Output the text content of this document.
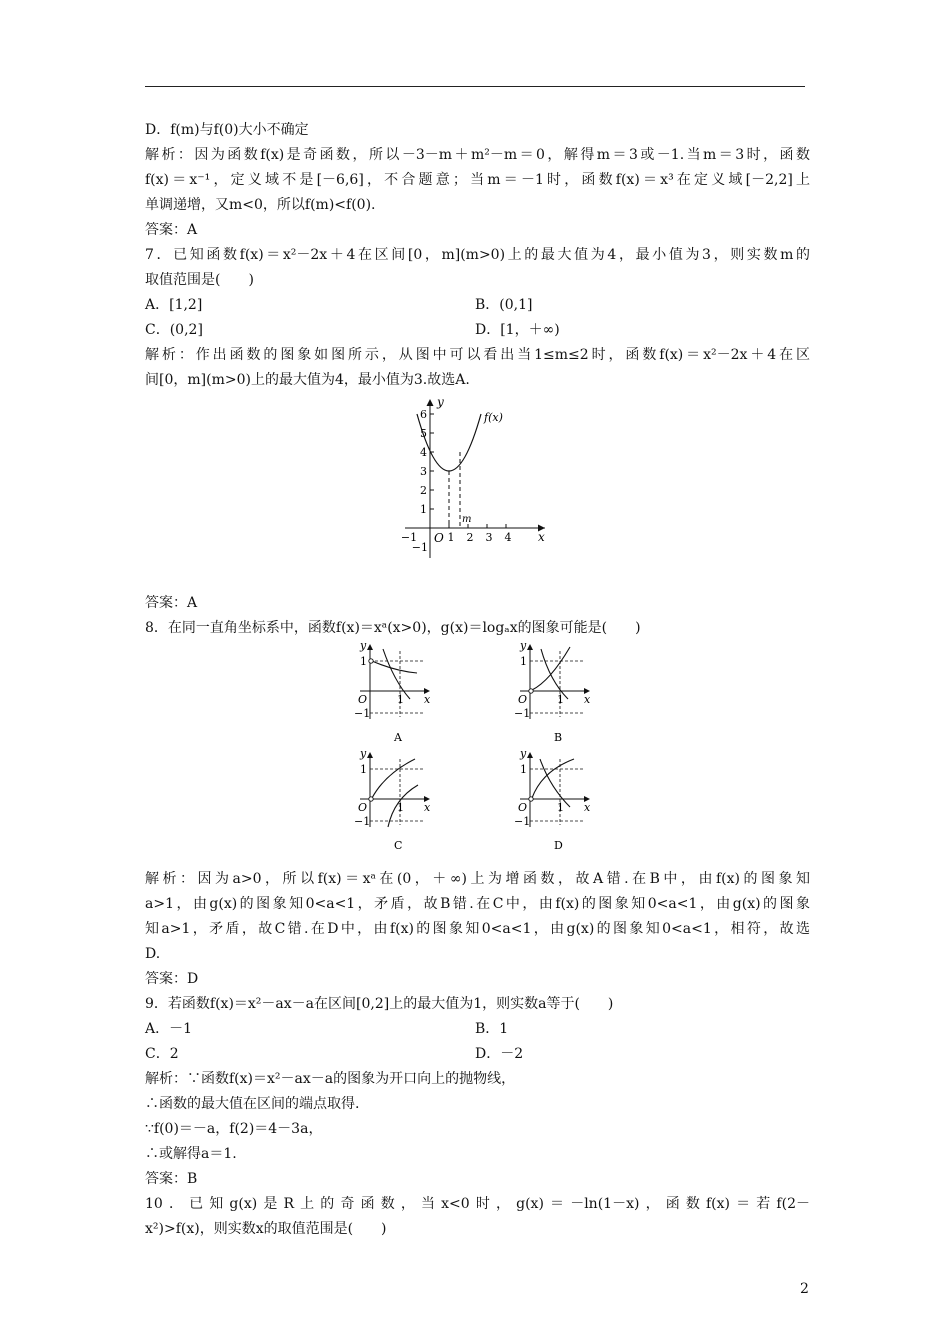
D．f(m)与f(0)大小不确定
解析：因为函数f(x)是奇函数，所以－3－m＋m²－m＝0，解得m＝3或－1.当m＝3时，函数
f(x)＝x⁻¹，定义域不是[－6,6]，不合题意；当m＝－1时，函数f(x)＝x³在定义域[－2,2]上
单调递增，又m<0，所以f(m)<f(0).
答案：A
7．已知函数f(x)＝x²－2x＋4在区间[0，m](m>0)上的最大值为4，最小值为3，则实数m的
取值范围是(　　)
A．[1,2]	B．(0,1]
C．(0,2]	D．[1，＋∞)
解析：作出函数的图象如图所示，从图中可以看出当1≤m≤2时，函数f(x)＝x²－2x＋4在区
间[0，m](m>0)上的最大值为4，最小值为3.故选A.
y
x
O
f(x)
m
1
2
3
4
5
6
−1
−1	1 2 3 4
答案：A
8．在同一直角坐标系中，函数f(x)＝xᵃ(x>0)，g(x)＝logₐx的图象可能是(　　)
y
x
O
1
1
−1
A
y
x
O
1
1
−1
B
y
x
O
1
1
−1
C
y
x
O
1
1
−1
D
解析：因为a>0，所以f(x)＝xᵃ在(0，＋∞)上为增函数，故A错.在B中，由f(x)的图象知
a>1，由g(x)的图象知0<a<1，矛盾，故B错.在C中，由f(x)的图象知0<a<1，由g(x)的图象
知a>1，矛盾，故C错.在D中，由f(x)的图象知0<a<1，由g(x)的图象知0<a<1，相符，故选
D.
答案：D
9．若函数f(x)＝x²－ax－a在区间[0,2]上的最大值为1，则实数a等于(　　)
A．－1	B．1
C．2	D．－2
解析：∵函数f(x)＝x²－ax－a的图象为开口向上的抛物线，
∴函数的最大值在区间的端点取得.
∵f(0)＝－a，f(2)＝4－3a，
∴或解得a＝1.
答案：B
10．已知g(x)是R上的奇函数，当x<0时，g(x)＝－ln(1－x)，函数f(x)＝若f(2－
x²)>f(x)，则实数x的取值范围是(　　)
2
